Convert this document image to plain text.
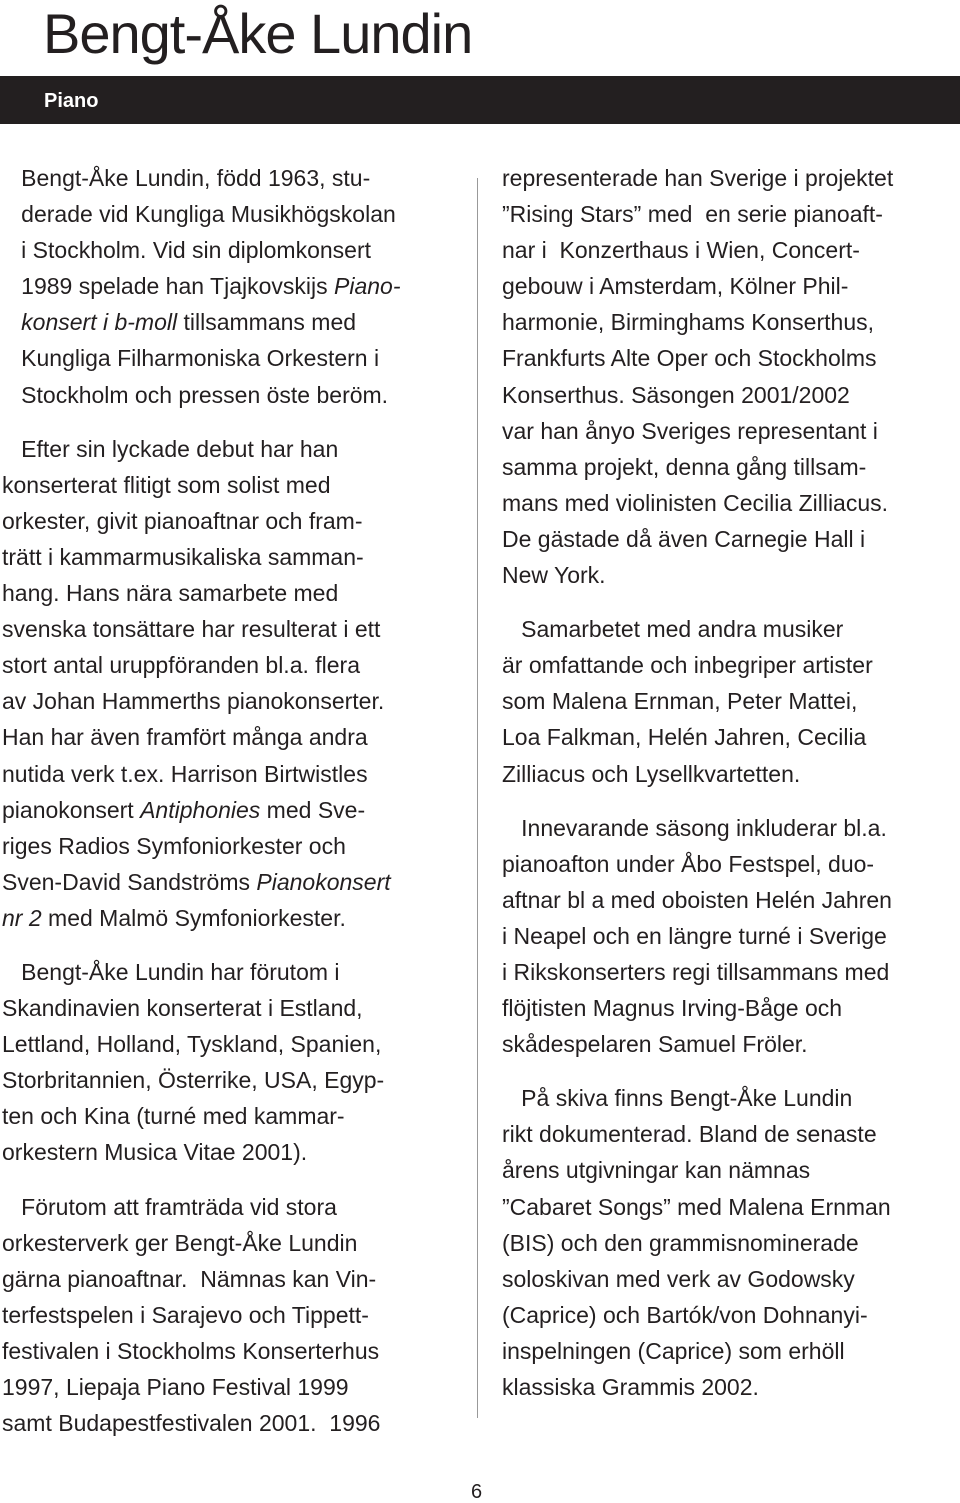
Bengt-Åke Lundin
Piano
Bengt-Åke Lundin, född 1963, stu-
derade vid Kungliga Musikhögskolan
i Stockholm. Vid sin diplomkonsert
1989 spelade han Tjajkovskijs Piano-
konsert i b-moll tillsammans med
Kungliga Filharmoniska Orkestern i
Stockholm och pressen öste beröm.
Efter sin lyckade debut har han
konserterat flitigt som solist med
orkester, givit pianoaftnar och fram-
trätt i kammarmusikaliska samman-
hang. Hans nära samarbete med
svenska tonsättare har resulterat i ett
stort antal uruppföranden bl.a. flera
av Johan Hammerths pianokonserter.
Han har även framfört många andra
nutida verk t.ex. Harrison Birtwistles
pianokonsert Antiphonies med Sve-
riges Radios Symfoniorkester och
Sven-David Sandströms Pianokonsert
nr 2 med Malmö Symfoniorkester.
Bengt-Åke Lundin har förutom i
Skandinavien konserterat i Estland,
Lettland, Holland, Tyskland, Spanien,
Storbritannien, Österrike, USA, Egyp-
ten och Kina (turné med kammar-
orkestern Musica Vitae 2001).
Förutom att framträda vid stora
orkesterverk ger Bengt-Åke Lundin
gärna pianoaftnar.  Nämnas kan Vin-
terfestspelen i Sarajevo och Tippett-
festivalen i Stockholms Konserterhus
1997, Liepaja Piano Festival 1999
samt Budapestfestivalen 2001.  1996
representerade han Sverige i projektet
”Rising Stars” med  en serie pianoaft-
nar i  Konzerthaus i Wien, Concert-
gebouw i Amsterdam, Kölner Phil-
harmonie, Birminghams Konserthus,
Frankfurts Alte Oper och Stockholms
Konserthus. Säsongen 2001/2002
var han ånyo Sveriges representant i
samma projekt, denna gång tillsam-
mans med violinisten Cecilia Zilliacus.
De gästade då även Carnegie Hall i
New York.
Samarbetet med andra musiker
är omfattande och inbegriper artister
som Malena Ernman, Peter Mattei,
Loa Falkman, Helén Jahren, Cecilia
Zilliacus och Lysellkvartetten.
Innevarande säsong inkluderar bl.a.
pianoafton under Åbo Festspel, duo-
aftnar bl a med oboisten Helén Jahren
i Neapel och en längre turné i Sverige
i Rikskonserters regi tillsammans med
flöjtisten Magnus Irving-Båge och
skådespelaren Samuel Fröler.
På skiva finns Bengt-Åke Lundin
rikt dokumenterad. Bland de senaste
årens utgivningar kan nämnas
”Cabaret Songs” med Malena Ernman
(BIS) och den grammisnominerade
soloskivan med verk av Godowsky
(Caprice) och Bartók/von Dohnanyi-
inspelningen (Caprice) som erhöll
klassiska Grammis 2002.
6
